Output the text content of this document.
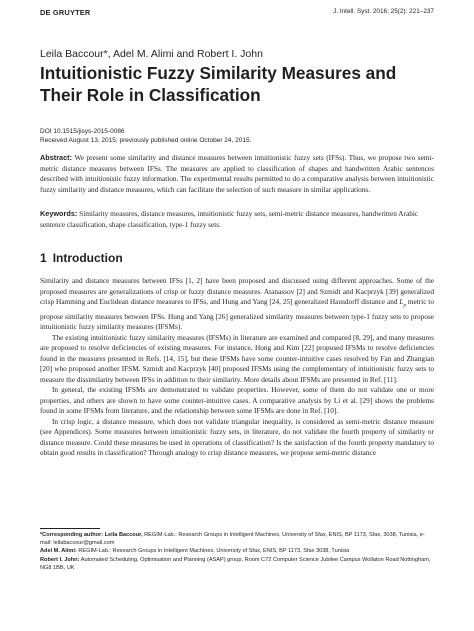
DE GRUYTER	J. Intell. Syst. 2016; 25(2): 221–237
Leila Baccour*, Adel M. Alimi and Robert I. John
Intuitionistic Fuzzy Similarity Measures and
Their Role in Classification
DOI 10.1515/jisys-2015-0086
Received August 13, 2015; previously published online October 24, 2015.
Abstract: We present some similarity and distance measures between intuitionistic fuzzy sets (IFSs). Thus, we propose two semi-metric distance measures between IFSs. The measures are applied to classification of shapes and handwritten Arabic sentences described with intuitionistic fuzzy information. The experimental results permitted to do a comparative analysis between intuitionistic fuzzy similarity and distance measures, which can facilitate the selection of such measure in similar applications.
Keywords: Similarity measures, distance measures, intuitionistic fuzzy sets, semi-metric distance measures, handwritten Arabic sentence classification, shape classification, type-1 fuzzy sets.
1 Introduction

Similarity and distance measures between IFSs [1, 2] have been proposed and discussed using different approaches. Some of the proposed measures are generalizations of crisp or fuzzy distance measures. Atanassov [2] and Szmidt and Kacprzyk [39] generalized crisp Hamming and Euclidean distance measures to IFSs, and Hung and Yang [24, 25] generalized Hausdorff distance and $L_p$ metric to propose similarity measures between IFSs. Hung and Yang [26] generalized similarity measures between type-1 fuzzy sets to propose intuitionistic fuzzy similarity measures (IFSMs).

The existing intuitionistic fuzzy similarity measures (IFSMs) in literature are examined and compared [8, 29], and many measures are proposed to resolve deficiencies of existing measures. For instance, Hong and Kim [22] proposed IFSMs to resolve deficiencies found in the measures presented in Refs. [14, 15], but these IFSMs have some counter-intuitive cases resolved by Fan and Zhangian [20] who proposed another IFSM. Szmidt and Kacprzyk [40] proposed IFSMs using the complementary of intuitionistic fuzzy sets to measure the dissimilarity between IFSs in addition to their similarity. More details about IFSMs are presented in Ref. [11].

In general, the existing IFSMs are demonstrated to validate properties. However, some of them do not validate one or more properties, and others are shown to have some counter-intuitive cases. A comparative analysis by Li et al. [29] shows the problems found in some IFSMs from literature, and the relationship between some IFSMs are done in Ref. [10].

In crisp logic, a distance measure, which does not validate triangular inequality, is considered as semi-metric distance measure (see Appendices). Some measures between intuitionistic fuzzy sets, in literature, do not validate the fourth property of similarity or distance measure. Could these measures be used in operations of classification? Is the satisfaction of the fourth property mandatory to obtain good results in classification? Through analogy to crisp distance measures, we propose semi-metric distance

*Corresponding author: Leila Baccour, REGIM-Lab.: Research Groups in Intelligent Machines, University of Sfax, ENIS, BP 1173, Sfax, 3038, Tunisia, e-mail: leilabaccour@gmail.com

Adel M. Alimi: REGIM-Lab.: Research Groups in Intelligent Machines, University of Sfax, ENIS, BP 1173, Sfax 3038, Tunisia

Robert I. John: Automated Scheduling, Optimisation and Planning (ASAP) group, Room C72 Computer Science Jubilee Campus Wollaton Road Nottingham, NG8 1BB, UK
